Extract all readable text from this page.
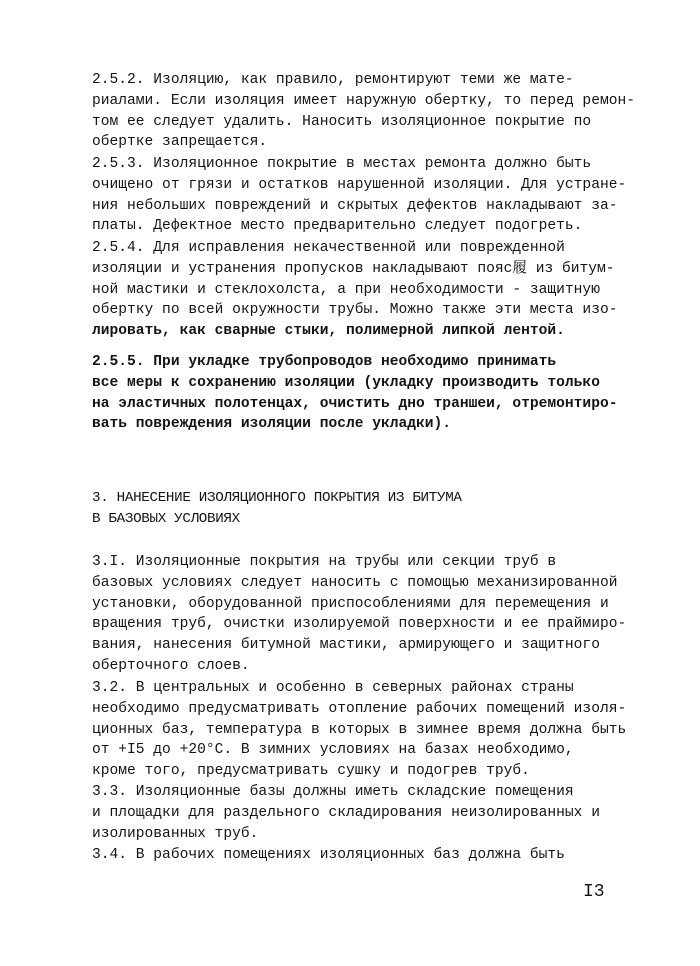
2.5.2. Изоляцию, как правило, ремонтируют теми же мате-
риалами. Если изоляция имеет наружную обертку, то перед ремон-
том ее следует удалить. Наносить изоляционное покрытие по
обертке запрещается.

2.5.3. Изоляционное покрытие в местах ремонта должно быть
очищено от грязи и остатков нарушенной изоляции. Для устране-
ния небольших повреждений и скрытых дефектов накладывают за-
платы. Дефектное место предварительно следует подогреть.

2.5.4. Для исправления некачественной или поврежденной
изоляции и устранения пропусков накладывают пояс履 из битум-
ной мастики и стеклохолста, а при необходимости - защитную
обертку по всей окружности трубы. Можно также эти места изо-
лировать, как сварные стыки, полимерной липкой лентой.

2.5.5. При укладке трубопроводов необходимо принимать
все меры к сохранению изоляции (укладку производить только
на эластичных полотенцах, очистить дно траншеи, отремонтиро-
вать повреждения изоляции после укладки).

3. НАНЕСЕНИЕ ИЗОЛЯЦИОННОГО ПОКРЫТИЯ ИЗ БИТУМА
В БАЗОВЫХ УСЛОВИЯХ

3.I. Изоляционные покрытия на трубы или секции труб в
базовых условиях следует наносить с помощью механизированной
установки, оборудованной приспособлениями для перемещения и
вращения труб, очистки изолируемой поверхности и ее праймиро-
вания, нанесения битумной мастики, армирующего и защитного
оберточного слоев.

3.2. В центральных и особенно в северных районах страны
необходимо предусматривать отопление рабочих помещений изоля-
ционных баз, температура в которых в зимнее время должна быть
от +I5 до +20°C. В зимних условиях на базах необходимо,
кроме того, предусматривать сушку и подогрев труб.

3.3. Изоляционные базы должны иметь складские помещения
и площадки для раздельного складирования неизолированных и
изолированных труб.

3.4. В рабочих помещениях изоляционных баз должна быть

I3
